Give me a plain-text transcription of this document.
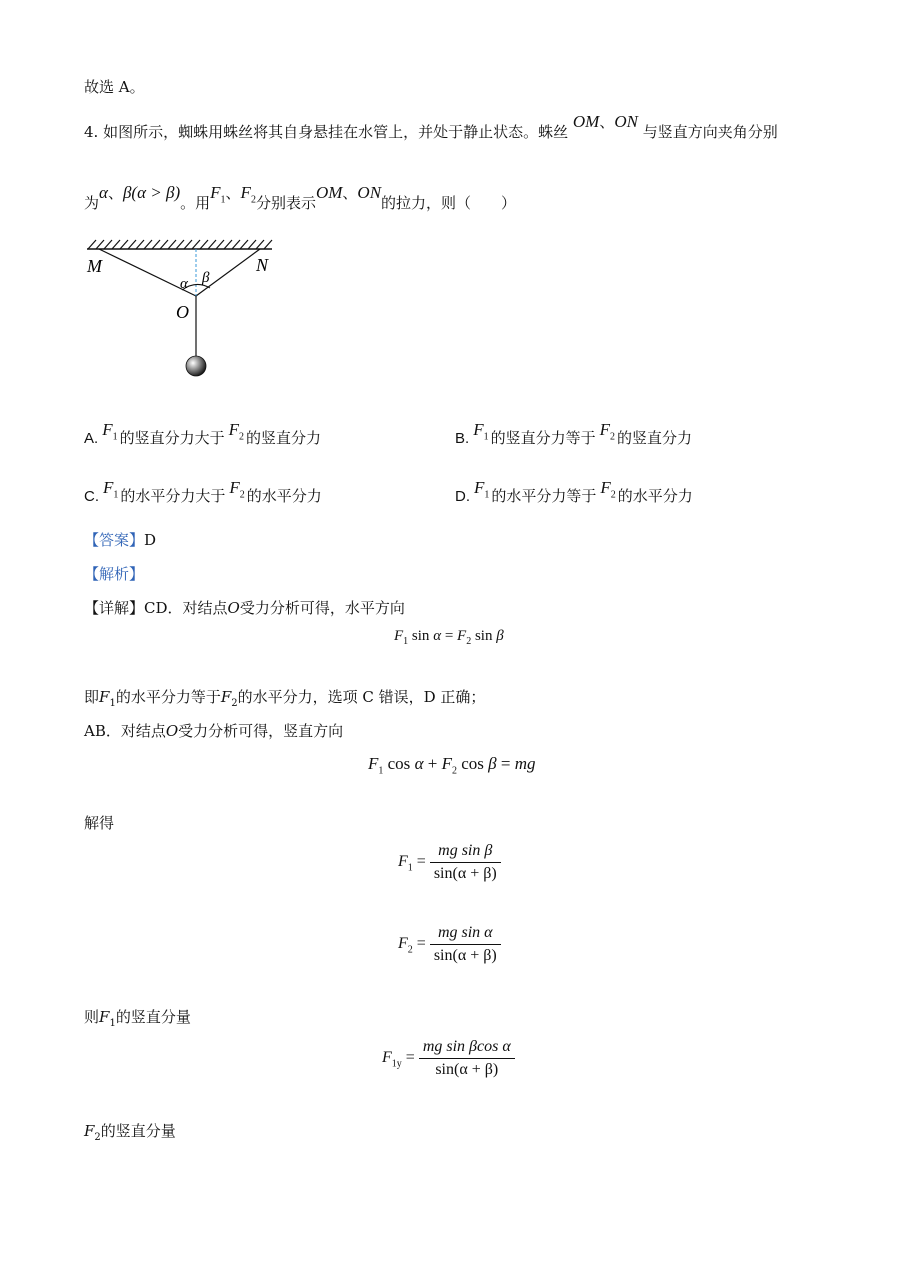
故选 A。
4. 如图所示，蜘蛛用蛛丝将其自身悬挂在水管上，并处于静止状态。蛛丝 OM、ON 与竖直方向夹角分别
为α、β(α > β)。用$F_1$、$F_2$分别表示OM、ON的拉力，则（　　）
M	N
O
α β
A. $F_1$ 的竖直分力大于 $F_2$ 的竖直分力	B. $F_1$ 的竖直分力等于 $F_2$ 的竖直分力
C. $F_1$ 的水平分力大于 $F_2$ 的水平分力	D. $F_1$ 的水平分力等于 $F_2$ 的水平分力
【答案】D
【解析】
【详解】CD．对结点O受力分析可得，水平方向
$F_1$ $\sin \alpha = F_2$ sin β
即$F_1$的水平分力等于$F_2$的水平分力，选项 C 错误，D 正确；
AB．对结点O受力分析可得，竖直方向
$F_1$ $\cos \alpha + F_2$ cos β = mg
解得
$F_1 = \frac{\text{mg sin β}}{\sin(\alpha + \beta)}$
$F_2 = \frac{\text{mg sin α}}{\sin(\alpha + \beta)}$
则$F_1$的竖直分量
$F_{1y} = \frac{\text{mg sin βcos α}}{\sin(\alpha + \beta)}$
$F_2$的竖直分量
